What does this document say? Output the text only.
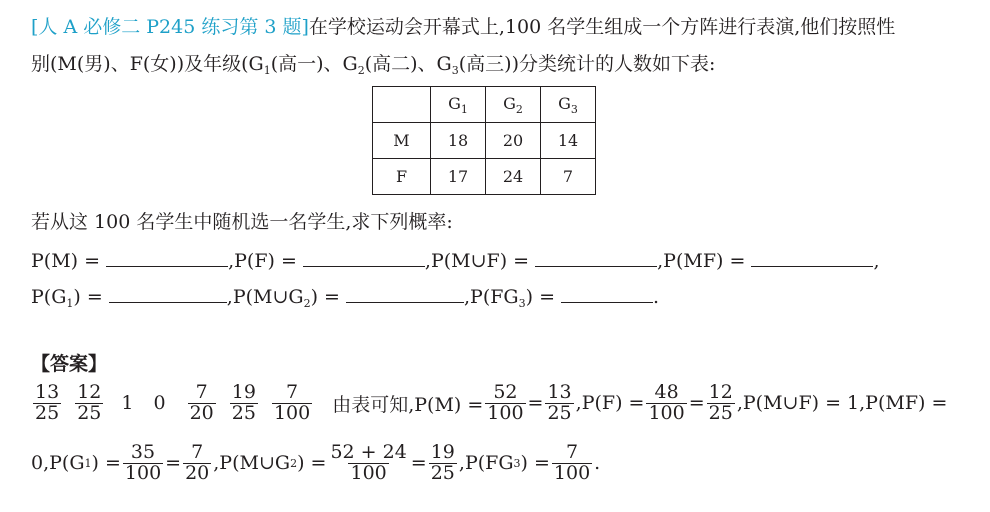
[人 A 必修二 P245 练习第 3 题]在学校运动会开幕式上,100 名学生组成一个方阵进行表演,他们按照性
别(M(男)、F(女))及年级($G_1$(高一)、$G_2$(高二)、$G_3$(高三))分类统计的人数如下表:
	$G_1$	$G_2$	$G_3$
M	18	20	14
F	17	24	7
若从这 100 名学生中随机选一名学生,求下列概率:
P(M) =	,P(F) =	,P(M∪F) =	,P(MF) =	,
$P(G_1)$ =	$,P(M\cup G_2)$ =	$,P(FG_3)$ =	.
【答案】
$\frac{13}{25} \frac{12}{25} 1$ $0 \frac{7}{20} \frac{19}{25} \frac{7}{100}$ 由表可知$,P(M) = \frac{52}{100} = \frac{13}{25} ,P(F) = \frac{48}{100} = \frac{12}{25}$ ,P(M∪F) = 1,P(MF) =
0,P(G 1 ) = $\frac{35}{100} = \frac{7}{20}$ ,P(M∪G 2 ) = $\frac{52 + 24}{100} = \frac{19}{25} ,P(FG$ 3 ) = $\frac{7}{100}$ .
